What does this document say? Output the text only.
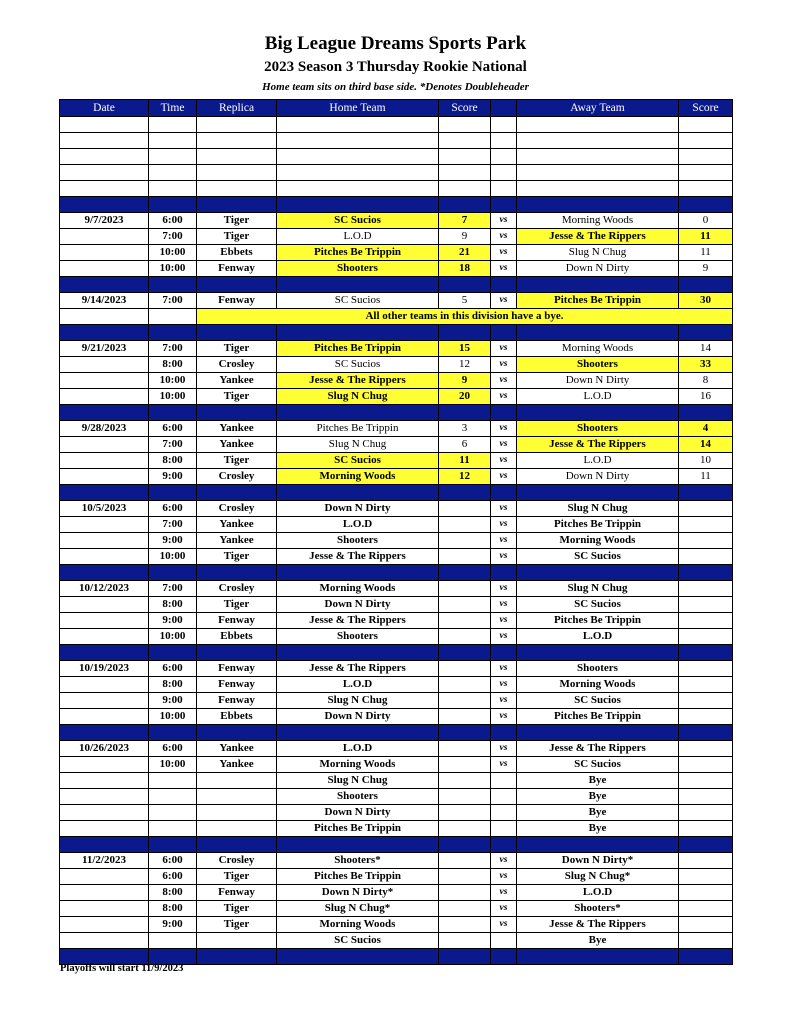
Big League Dreams Sports Park
2023 Season 3 Thursday Rookie National
Home team sits on third base side. *Denotes Doubleheader
Date	Time	Replica	Home Team	Score		Away Team	Score

9/7/2023	6:00	Tiger	SC Sucios	7	vs	Morning Woods	0
	7:00	Tiger	L.O.D	9	vs	Jesse & The Rippers	11
	10:00	Ebbets	Pitches Be Trippin	21	vs	Slug N Chug	11
	10:00	Fenway	Shooters	18	vs	Down N Dirty	9

9/14/2023	7:00	Fenway	SC Sucios	5	vs	Pitches Be Trippin	30
		All other teams in this division have a bye.					

9/21/2023	7:00	Tiger	Pitches Be Trippin	15	vs	Morning Woods	14
	8:00	Crosley	SC Sucios	12	vs	Shooters	33
	10:00	Yankee	Jesse & The Rippers	9	vs	Down N Dirty	8
	10:00	Tiger	Slug N Chug	20	vs	L.O.D	16

9/28/2023	6:00	Yankee	Pitches Be Trippin	3	vs	Shooters	4
	7:00	Yankee	Slug N Chug	6	vs	Jesse & The Rippers	14
	8:00	Tiger	SC Sucios	11	vs	L.O.D	10
	9:00	Crosley	Morning Woods	12	vs	Down N Dirty	11

10/5/2023	6:00	Crosley	Down N Dirty		vs	Slug N Chug	
	7:00	Yankee	L.O.D		vs	Pitches Be Trippin	
	9:00	Yankee	Shooters		vs	Morning Woods	
	10:00	Tiger	Jesse & The Rippers		vs	SC Sucios	

10/12/2023	7:00	Crosley	Morning Woods		vs	Slug N Chug	
	8:00	Tiger	Down N Dirty		vs	SC Sucios	
	9:00	Fenway	Jesse & The Rippers		vs	Pitches Be Trippin	
	10:00	Ebbets	Shooters		vs	L.O.D	

10/19/2023	6:00	Fenway	Jesse & The Rippers		vs	Shooters	
	8:00	Fenway	L.O.D		vs	Morning Woods	
	9:00	Fenway	Slug N Chug		vs	SC Sucios	
	10:00	Ebbets	Down N Dirty		vs	Pitches Be Trippin	

10/26/2023	6:00	Yankee	L.O.D		vs	Jesse & The Rippers	
	10:00	Yankee	Morning Woods		vs	SC Sucios	
			Slug N Chug			Bye	
			Shooters			Bye	
			Down N Dirty			Bye	
			Pitches Be Trippin			Bye	

11/2/2023	6:00	Crosley	Shooters*		vs	Down N Dirty*	
	6:00	Tiger	Pitches Be Trippin		vs	Slug N Chug*	
	8:00	Fenway	Down N Dirty*		vs	L.O.D	
	8:00	Tiger	Slug N Chug*		vs	Shooters*	
	9:00	Tiger	Morning Woods		vs	Jesse & The Rippers	
			SC Sucios			Bye	

Playoffs will start 11/9/2023
